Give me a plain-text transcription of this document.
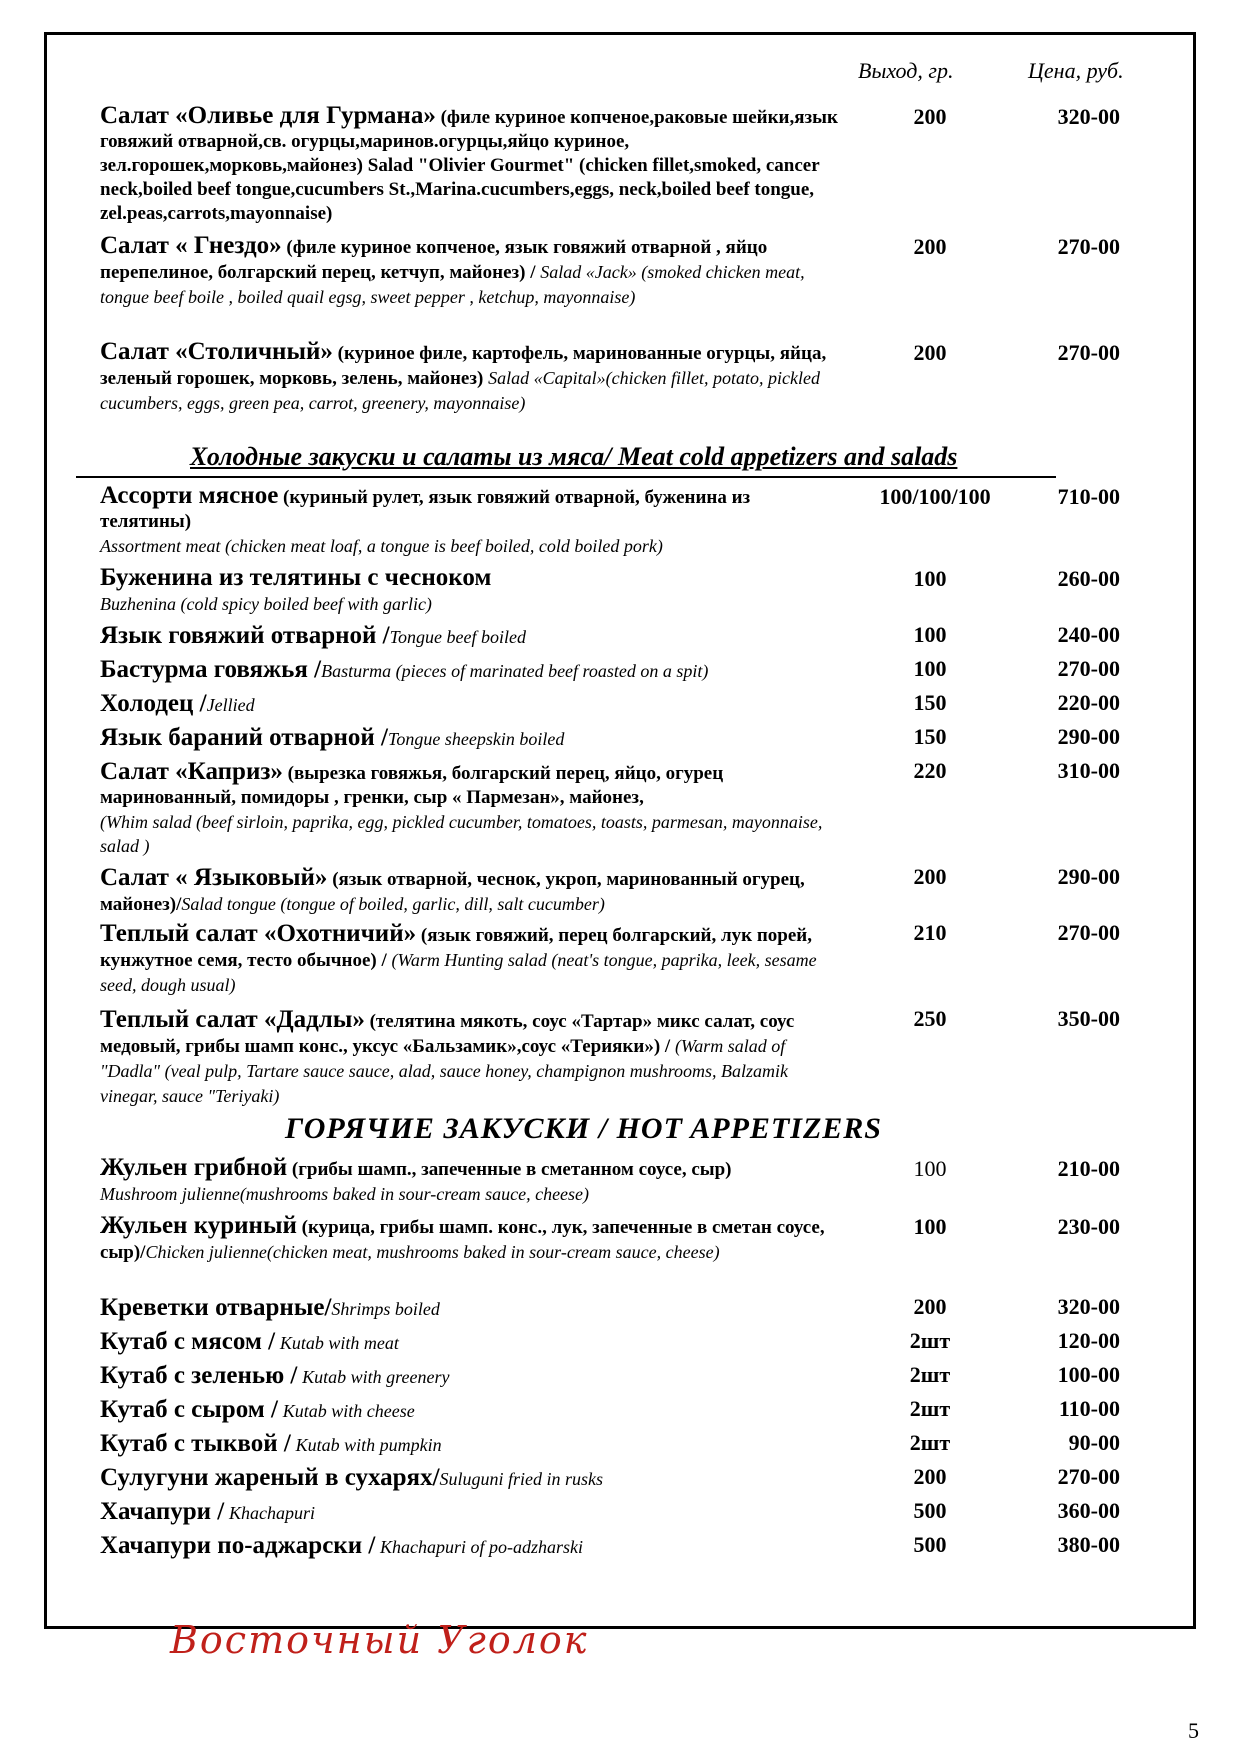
Выход, гр.	Цена, руб.
Салат «Оливье для Гурмана» (филе куриное копченое,раковые шейки,язык говяжий отварной,св. огурцы,маринов.огурцы,яйцо куриное, зел.горошек,морковь,майонез) Salad "Olivier Gourmet" (chicken fillet,smoked, cancer neck,boiled beef tongue,cucumbers St.,Marina.cucumbers,eggs, neck,boiled beef tongue, zel.peas,carrots,mayonnaise)
200	320-00
Салат « Гнездо» (филе куриное копченое, язык говяжий отварной , яйцо перепелиное, болгарский перец, кетчуп, майонез) / Salad «Jack» (smoked chicken meat, tongue beef boile , boiled quail egsg, sweet pepper , ketchup, mayonnaise)
200	270-00
Салат «Столичный» (куриное филе, картофель, маринованные огурцы, яйца, зеленый горошек, морковь, зелень, майонез) Salad «Capital»(chicken fillet, potato, pickled cucumbers, eggs, green pea, carrot, greenery, mayonnaise)
200	270-00
Холодные закуски и салаты из мяса/ Meat cold appetizers and salads
Ассорти мясное (куриный рулет, язык говяжий отварной, буженина из телятины)
Assortment meat (chicken meat loaf, a tongue is beef boiled, cold boiled pork)
100/100/100	710-00
Буженина из телятины с чесноком
Buzhenina (cold spicy boiled beef with garlic)
100	260-00
Язык говяжий отварной /Tongue beef boiled	100	240-00
Бастурма говяжья /Basturma (pieces of marinated beef roasted on a spit)	100	270-00
Холодец /Jellied	150	220-00
Язык бараний отварной /Tongue sheepskin boiled	150	290-00
Салат «Каприз» (вырезка говяжья, болгарский перец, яйцо, огурец маринованный, помидоры , гренки, сыр « Пармезан», майонез,
(Whim salad (beef sirloin, paprika, egg, pickled cucumber, tomatoes, toasts, parmesan, mayonnaise, salad )
220	310-00
Салат « Языковый» (язык отварной, чеснок, укроп, маринованный огурец, майонез)/Salad tongue (tongue of boiled, garlic, dill, salt cucumber)
200	290-00
Теплый салат «Охотничий» (язык говяжий, перец болгарский, лук порей, кунжутное семя, тесто обычное) / (Warm Hunting salad (neat's tongue, paprika, leek, sesame seed, dough usual)
210	270-00
Теплый салат «Дадлы» (телятина мякоть, соус «Тартар» микс салат, соус медовый, грибы шамп конс., уксус «Бальзамик»,соус «Терияки») / (Warm salad of "Dadla" (veal pulp, Tartare sauce sauce, alad, sauce honey, champignon mushrooms, Balzamik vinegar, sauce "Teriyaki)
250	350-00
ГОРЯЧИЕ ЗАКУСКИ / HOT APPETIZERS
Жульен грибной (грибы шамп., запеченные в сметанном соусе, сыр)
Mushroom julienne(mushrooms baked in sour-cream sauce, cheese)
100	210-00
Жульен куриный (курица, грибы шамп. конс., лук, запеченные в сметан соусе, сыр)/Chicken julienne(chicken meat, mushrooms baked in sour-cream sauce, cheese)
100	230-00
Креветки отварные/Shrimps boiled	200	320-00
Кутаб с мясом / Kutab with meat	2шт	120-00
Кутаб с зеленью / Kutab with greenery	2шт	100-00
Кутаб с сыром / Kutab with cheese	2шт	110-00
Кутаб с тыквой / Kutab with pumpkin	2шт	90-00
Сулугуни жареный в сухарях/Suluguni fried in rusks	200	270-00
Хачапури / Khachapuri	500	360-00
Хачапури по-аджарски / Khachapuri of po-adzharski	500	380-00
Восточный Уголок
5
